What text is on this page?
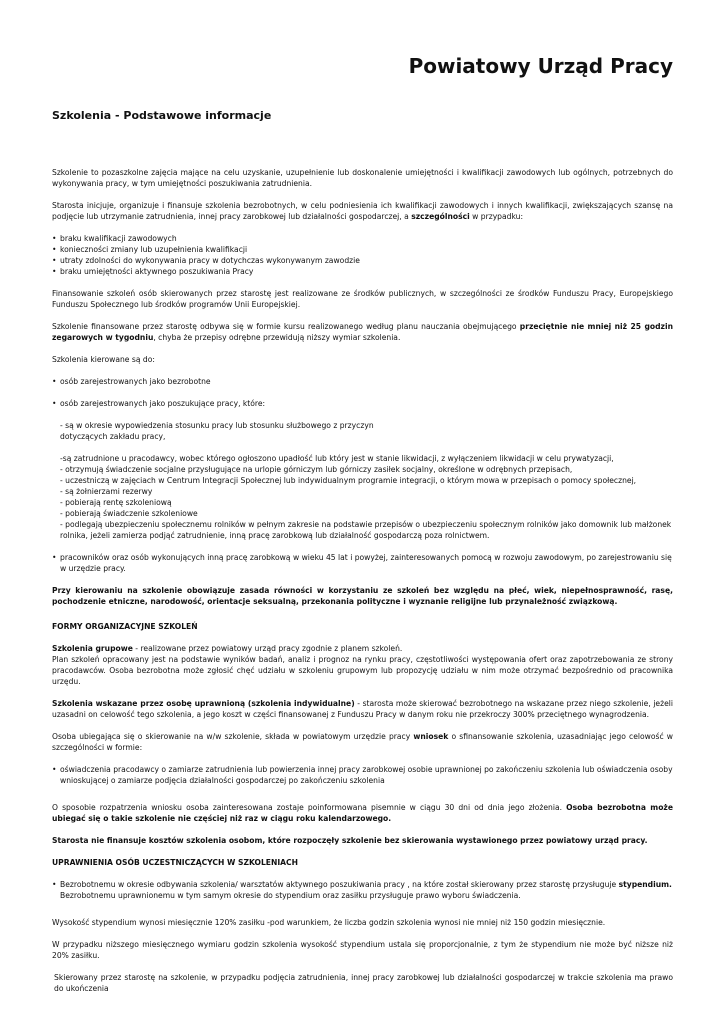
Powiatowy Urząd Pracy
Szkolenia - Podstawowe informacje

Szkolenie to pozaszkolne zajęcia mające na celu uzyskanie, uzupełnienie lub doskonalenie umiejętności i kwalifikacji zawodowych lub ogólnych, potrzebnych do wykonywania pracy, w tym umiejętności poszukiwania zatrudnienia.

Starosta inicjuje, organizuje i finansuje szkolenia bezrobotnych, w celu podniesienia ich kwalifikacji zawodowych i innych kwalifikacji, zwiększających szansę na podjęcie lub utrzymanie zatrudnienia, innej pracy zarobkowej lub działalności gospodarczej, a szczególności w przypadku:

• braku kwalifikacji zawodowych
• konieczności zmiany lub uzupełnienia kwalifikacji
• utraty zdolności do wykonywania pracy w dotychczas wykonywanym zawodzie
• braku umiejętności aktywnego poszukiwania Pracy

Finansowanie szkoleń osób skierowanych przez starostę jest realizowane ze środków publicznych, w szczególności ze środków Funduszu Pracy, Europejskiego Funduszu Społecznego lub środków programów Unii Europejskiej.

Szkolenie finansowane przez starostę odbywa się w formie kursu realizowanego według planu nauczania obejmującego przeciętnie nie mniej niż 25 godzin zegarowych w tygodniu, chyba że przepisy odrębne przewidują niższy wymiar szkolenia.

Szkolenia kierowane są do:

• osób zarejestrowanych jako bezrobotne
• osób zarejestrowanych jako poszukujące pracy, które:
- są w okresie wypowiedzenia stosunku pracy lub stosunku służbowego z przyczyn
dotyczących zakładu pracy,
-są zatrudnione u pracodawcy, wobec którego ogłoszono upadłość lub który jest w stanie likwidacji, z wyłączeniem likwidacji w celu prywatyzacji,
- otrzymują świadczenie socjalne przysługujące na urlopie górniczym lub górniczy zasiłek socjalny, określone w odrębnych przepisach,
- uczestniczą w zajęciach w Centrum Integracji Społecznej lub indywidualnym programie integracji, o którym mowa w przepisach o pomocy społecznej,
- są żołnierzami rezerwy
- pobierają rentę szkoleniową
- pobierają świadczenie szkoleniowe
- podlegają ubezpieczeniu społecznemu rolników w pełnym zakresie na podstawie przepisów o ubezpieczeniu społecznym rolników jako domownik lub małżonek rolnika, jeżeli zamierza podjąć zatrudnienie, inną pracę zarobkową lub działalność gospodarczą poza rolnictwem.
• pracowników oraz osób wykonujących inną pracę zarobkową w wieku 45 lat i powyżej, zainteresowanych pomocą w rozwoju zawodowym, po zarejestrowaniu się w urzędzie pracy.

Przy kierowaniu na szkolenie obowiązuje zasada równości w korzystaniu ze szkoleń bez względu na płeć, wiek, niepełnosprawność, rasę, pochodzenie etniczne, narodowość, orientacje seksualną, przekonania polityczne i wyznanie religijne lub przynależność związkową.

FORMY ORGANIZACYJNE SZKOLEŃ

Szkolenia grupowe - realizowane przez powiatowy urząd pracy zgodnie z planem szkoleń.
Plan szkoleń opracowany jest na podstawie wyników badań, analiz i prognoz na rynku pracy, częstotliwości występowania ofert oraz zapotrzebowania ze strony pracodawców. Osoba bezrobotna może zgłosić chęć udziału w szkoleniu grupowym lub propozycję udziału w nim może otrzymać bezpośrednio od pracownika urzędu.

Szkolenia wskazane przez osobę uprawnioną (szkolenia indywidualne) - starosta może skierować bezrobotnego na wskazane przez niego szkolenie, jeżeli uzasadni on celowość tego szkolenia, a jego koszt w części finansowanej z Funduszu Pracy w danym roku nie przekroczy 300% przeciętnego wynagrodzenia.

Osoba ubiegająca się o skierowanie na w/w szkolenie, składa w powiatowym urzędzie pracy wniosek o sfinansowanie szkolenia, uzasadniając jego celowość w szczególności w formie:

• oświadczenia pracodawcy o zamiarze zatrudnienia lub powierzenia innej pracy zarobkowej osobie uprawnionej po zakończeniu szkolenia lub oświadczenia osoby wnioskującej o zamiarze podjęcia działalności gospodarczej po zakończeniu szkolenia

O sposobie rozpatrzenia wniosku osoba zainteresowana zostaje poinformowana pisemnie w ciągu 30 dni od dnia jego złożenia. Osoba bezrobotna może ubiegać się o takie szkolenie nie częściej niż raz w ciągu roku kalendarzowego.

Starosta nie finansuje kosztów szkolenia osobom, które rozpoczęły szkolenie bez skierowania wystawionego przez powiatowy urząd pracy.

UPRAWNIENIA OSÓB UCZESTNICZĄCYCH W SZKOLENIACH

• Bezrobotnemu w okresie odbywania szkolenia/ warsztatów aktywnego poszukiwania pracy , na które został skierowany przez starostę przysługuje stypendium.
Bezrobotnemu uprawnionemu w tym samym okresie do stypendium oraz zasiłku przysługuje prawo wyboru świadczenia.

Wysokość stypendium wynosi miesięcznie 120% zasiłku -pod warunkiem, że liczba godzin szkolenia wynosi nie mniej niż 150 godzin miesięcznie.

W przypadku niższego miesięcznego wymiaru godzin szkolenia wysokość stypendium ustala się proporcjonalnie, z tym że stypendium nie może być niższe niż 20% zasiłku.

Skierowany przez starostę na szkolenie, w przypadku podjęcia zatrudnienia, innej pracy zarobkowej lub działalności gospodarczej w trakcie szkolenia ma prawo do ukończenia
